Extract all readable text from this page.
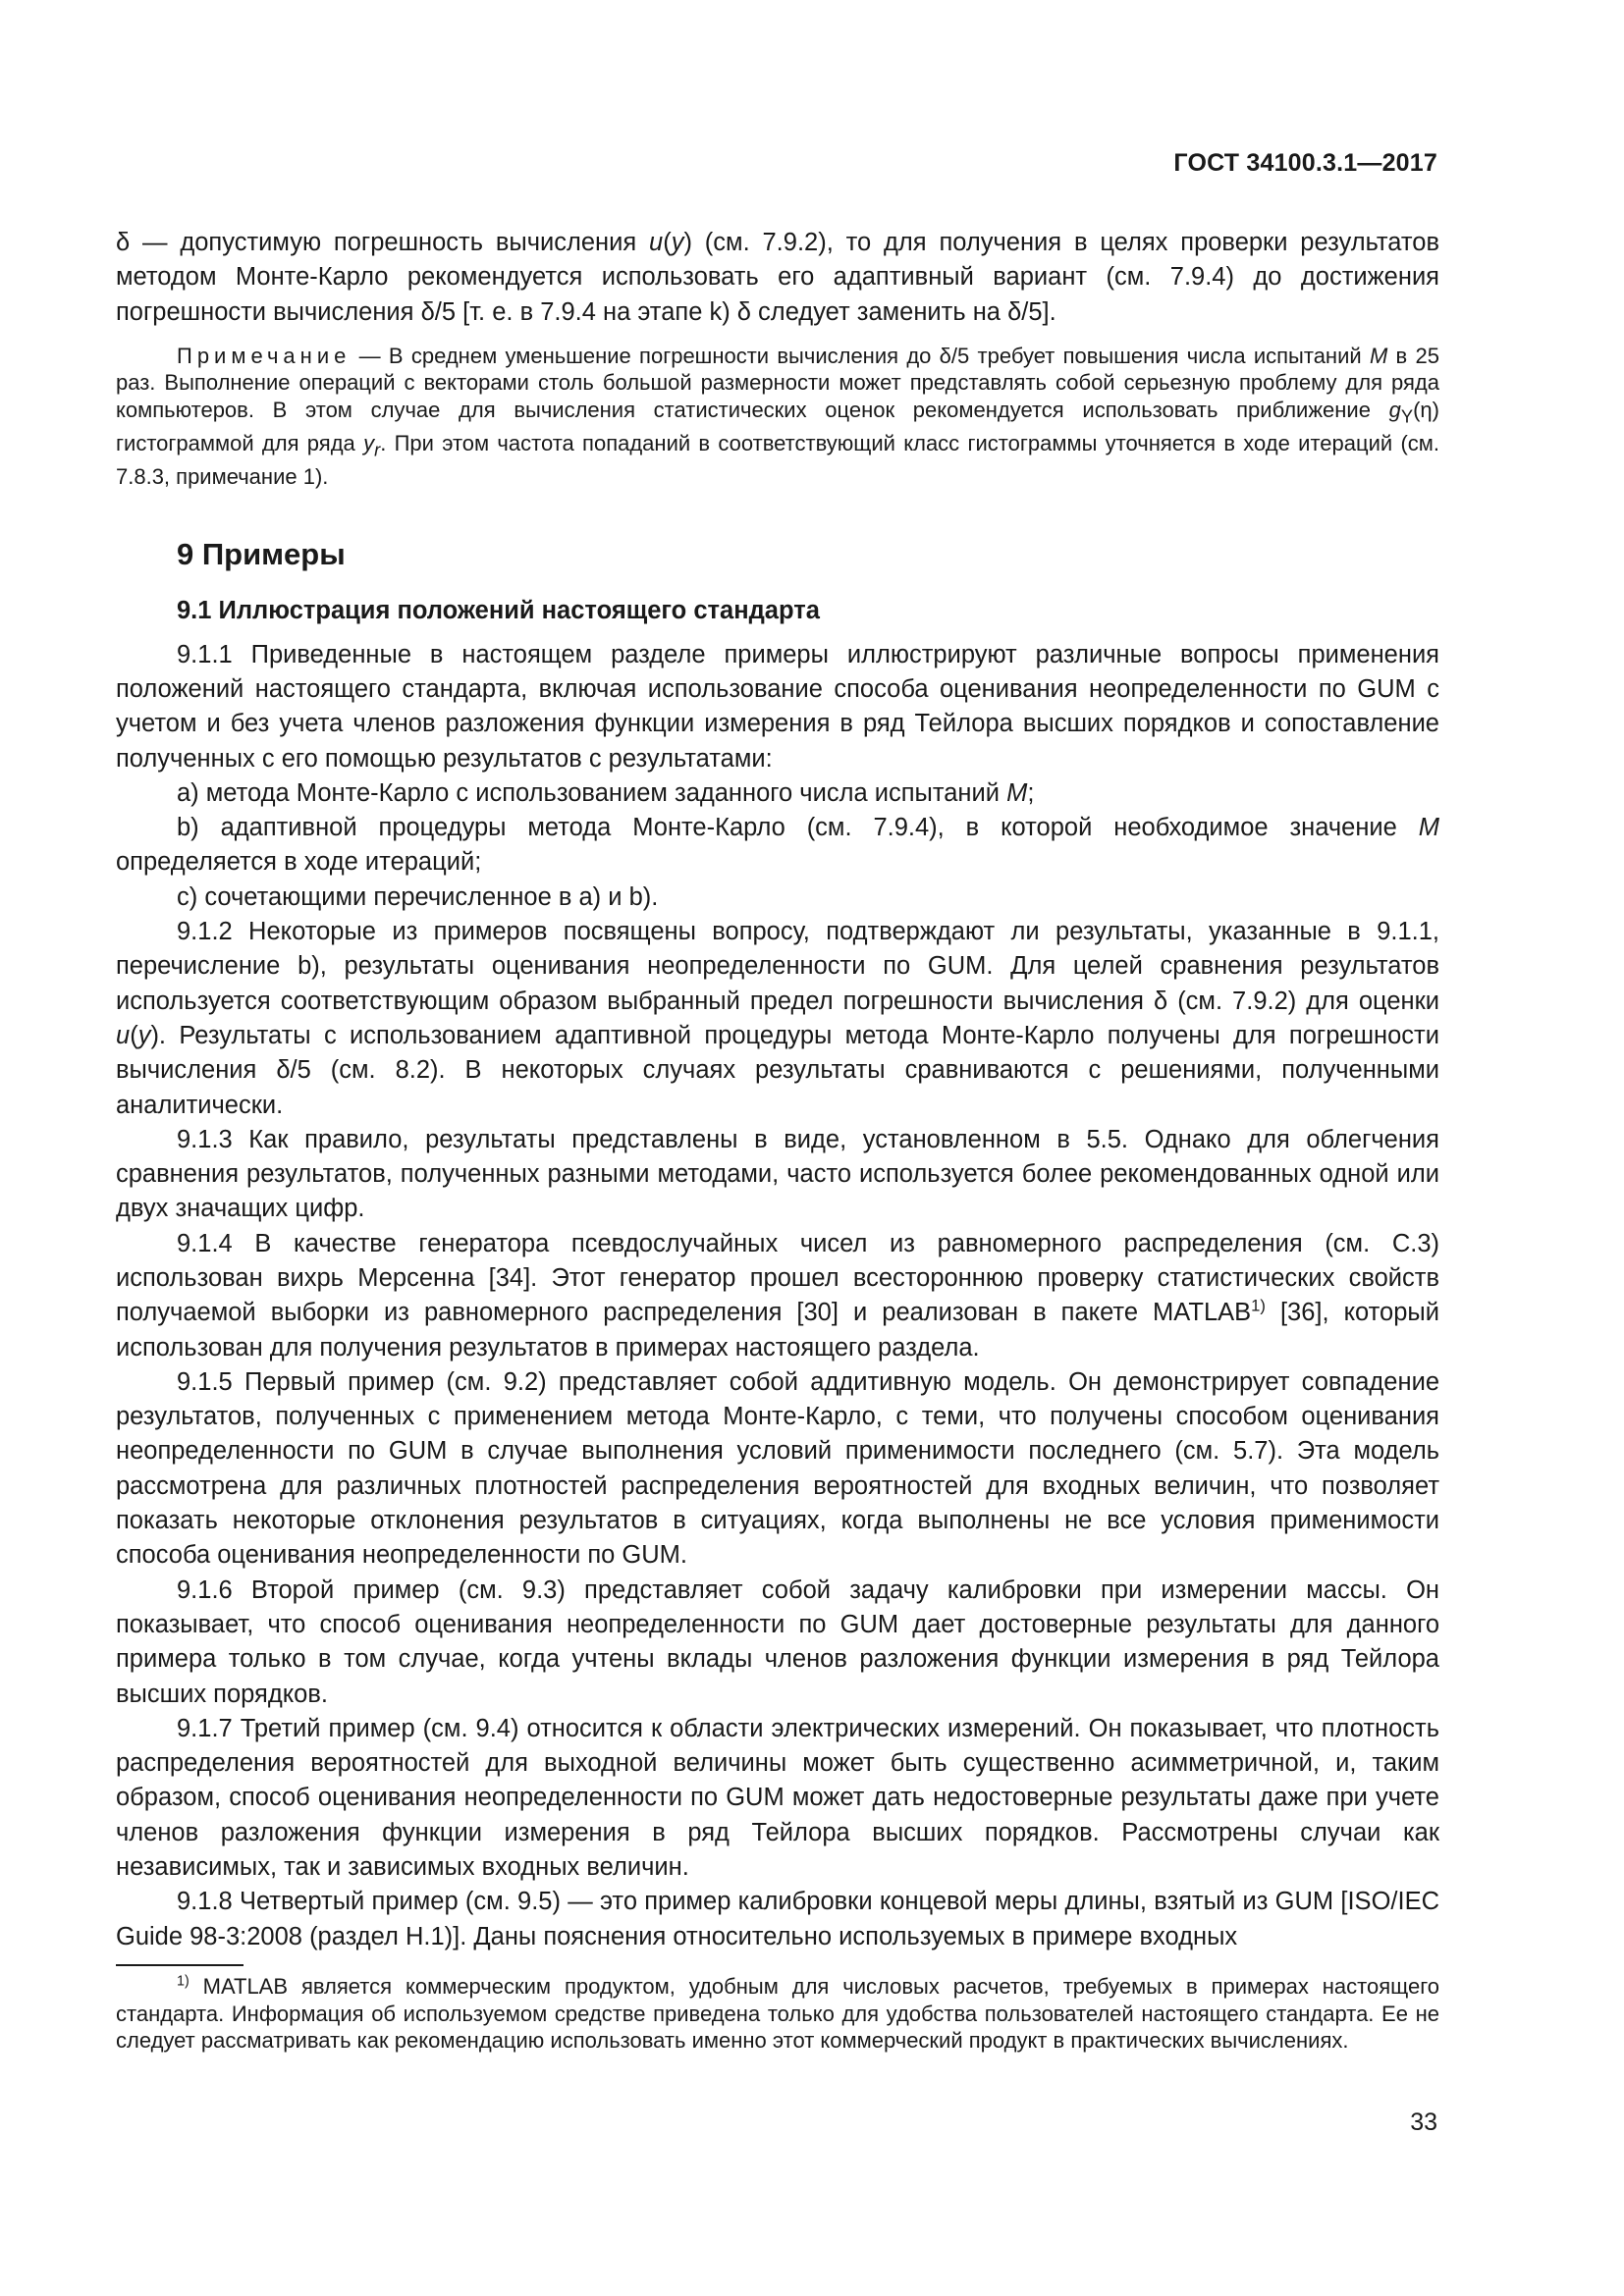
ГОСТ 34100.3.1—2017

δ — допустимую погрешность вычисления u(y) (см. 7.9.2), то для получения в целях проверки результатов методом Монте-Карло рекомендуется использовать его адаптивный вариант (см. 7.9.4) до достижения погрешности вычисления δ/5 [т. е. в 7.9.4 на этапе k) δ следует заменить на δ/5].

Примечание — В среднем уменьшение погрешности вычисления до δ/5 требует повышения числа испытаний M в 25 раз. Выполнение операций с векторами столь большой размерности может представлять собой серьезную проблему для ряда компьютеров. В этом случае для вычисления статистических оценок рекомендуется использовать приближение $g_Y(\eta)$ гистограммой для ряда $y_r$. При этом частота попаданий в соответствующий класс гистограммы уточняется в ходе итераций (см. 7.8.3, примечание 1).

9 Примеры
9.1 Иллюстрация положений настоящего стандарта

9.1.1 Приведенные в настоящем разделе примеры иллюстрируют различные вопросы применения положений настоящего стандарта, включая использование способа оценивания неопределенности по GUM с учетом и без учета членов разложения функции измерения в ряд Тейлора высших порядков и сопоставление полученных с его помощью результатов с результатами:

a) метода Монте-Карло с использованием заданного числа испытаний M;

b) адаптивной процедуры метода Монте-Карло (см. 7.9.4), в которой необходимое значение M определяется в ходе итераций;

c) сочетающими перечисленное в a) и b).

9.1.2 Некоторые из примеров посвящены вопросу, подтверждают ли результаты, указанные в 9.1.1, перечисление b), результаты оценивания неопределенности по GUM. Для целей сравнения результатов используется соответствующим образом выбранный предел погрешности вычисления δ (см. 7.9.2) для оценки u(y). Результаты с использованием адаптивной процедуры метода Монте-Карло получены для погрешности вычисления δ/5 (см. 8.2). В некоторых случаях результаты сравниваются с решениями, полученными аналитически.

9.1.3 Как правило, результаты представлены в виде, установленном в 5.5. Однако для облегчения сравнения результатов, полученных разными методами, часто используется более рекомендованных одной или двух значащих цифр.

9.1.4 В качестве генератора псевдослучайных чисел из равномерного распределения (см. С.3) использован вихрь Мерсенна [34]. Этот генератор прошел всестороннюю проверку статистических свойств получаемой выборки из равномерного распределения [30] и реализован в пакете MATLAB$^{1)}$ [36], который использован для получения результатов в примерах настоящего раздела.

9.1.5 Первый пример (см. 9.2) представляет собой аддитивную модель. Он демонстрирует совпадение результатов, полученных с применением метода Монте-Карло, с теми, что получены способом оценивания неопределенности по GUM в случае выполнения условий применимости последнего (см. 5.7). Эта модель рассмотрена для различных плотностей распределения вероятностей для входных величин, что позволяет показать некоторые отклонения результатов в ситуациях, когда выполнены не все условия применимости способа оценивания неопределенности по GUM.

9.1.6 Второй пример (см. 9.3) представляет собой задачу калибровки при измерении массы. Он показывает, что способ оценивания неопределенности по GUM дает достоверные результаты для данного примера только в том случае, когда учтены вклады членов разложения функции измерения в ряд Тейлора высших порядков.

9.1.7 Третий пример (см. 9.4) относится к области электрических измерений. Он показывает, что плотность распределения вероятностей для выходной величины может быть существенно асимметричной, и, таким образом, способ оценивания неопределенности по GUM может дать недостоверные результаты даже при учете членов разложения функции измерения в ряд Тейлора высших порядков. Рассмотрены случаи как независимых, так и зависимых входных величин.

9.1.8 Четвертый пример (см. 9.5) — это пример калибровки концевой меры длины, взятый из GUM [ISO/IEC Guide 98-3:2008 (раздел Н.1)]. Даны пояснения относительно используемых в примере входных

$^{1)}$ MATLAB является коммерческим продуктом, удобным для числовых расчетов, требуемых в примерах настоящего стандарта. Информация об используемом средстве приведена только для удобства пользователей настоящего стандарта. Ее не следует рассматривать как рекомендацию использовать именно этот коммерческий продукт в практических вычислениях.

33
